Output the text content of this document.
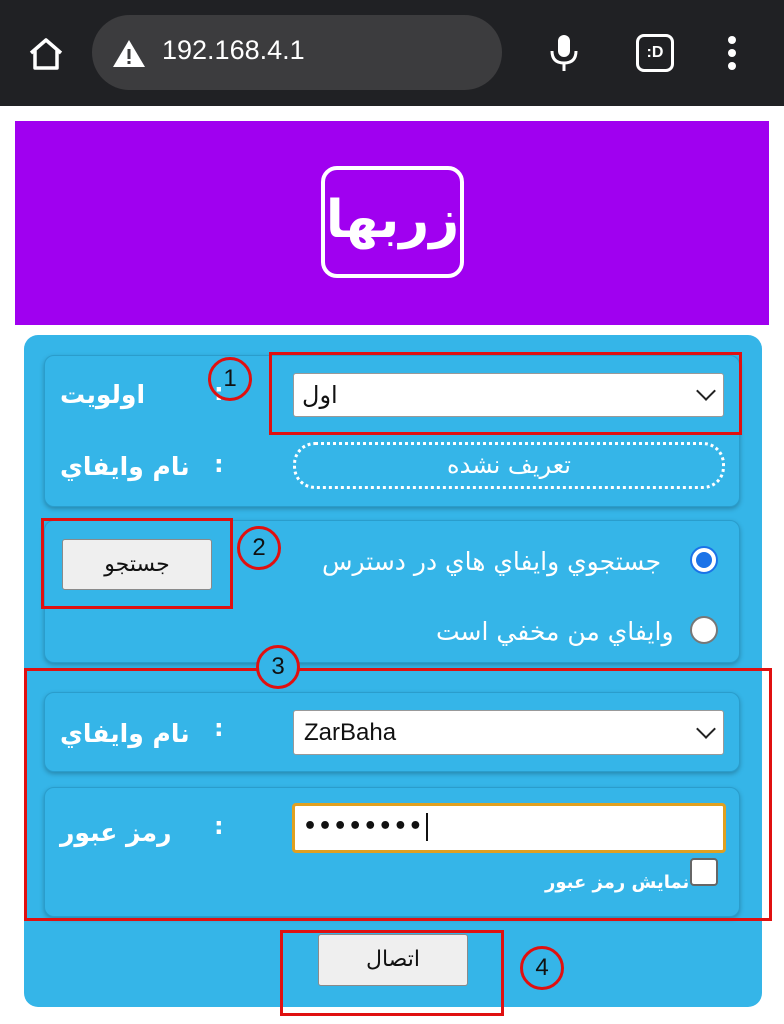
192.168.4.1	:D
زربها
اولویت	:	اول
نام وايفاي :	تعريف نشده
جستجو	جستجوي وايفاي هاي در دسترس
وايفاي من مخفي است
نام وايفاي :	ZarBaha
رمز عبور :	••••••••
نمايش رمز عبور
اتصال
1
2
3
4
